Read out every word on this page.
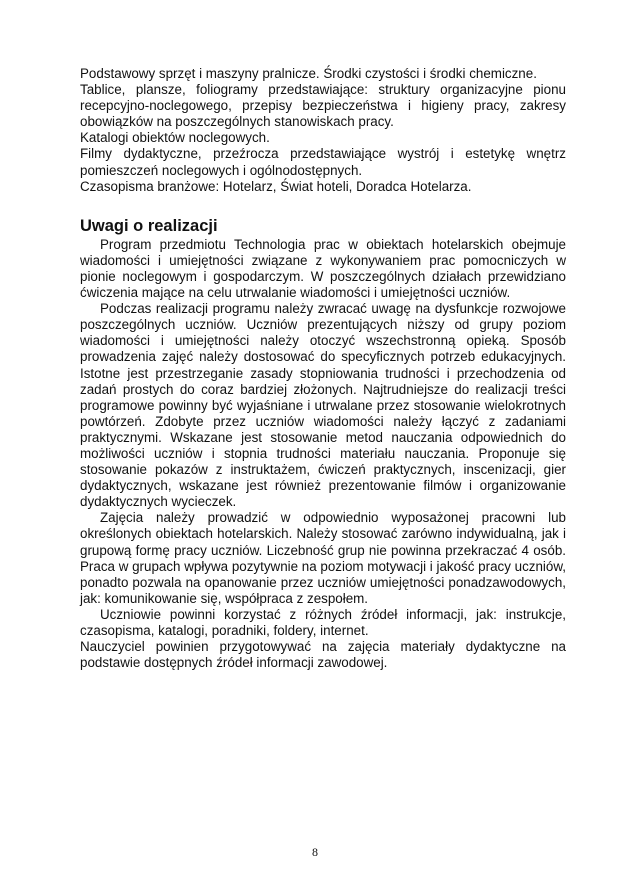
Podstawowy sprzęt i maszyny pralnicze. Środki czystości i środki chemiczne.

Tablice, plansze, foliogramy przedstawiające: struktury organizacyjne pionu recepcyjno-noclegowego, przepisy bezpieczeństwa i higieny pracy, zakresy obowiązków na poszczególnych stanowiskach pracy.

Katalogi obiektów noclegowych.

Filmy dydaktyczne, przeźrocza przedstawiające wystrój i estetykę wnętrz pomieszczeń noclegowych i ogólnodostępnych.

Czasopisma branżowe: Hotelarz, Świat hoteli, Doradca Hotelarza.

Uwagi o realizacji

Program przedmiotu Technologia prac w obiektach hotelarskich obejmuje wiadomości i umiejętności związane z wykonywaniem prac pomocniczych w pionie noclegowym i gospodarczym. W poszczególnych działach przewidziano ćwiczenia mające na celu utrwalanie wiadomości i umiejętności uczniów.

Podczas realizacji programu należy zwracać uwagę na dysfunkcje rozwojowe poszczególnych uczniów. Uczniów prezentujących niższy od grupy poziom wiadomości i umiejętności należy otoczyć wszechstronną opieką. Sposób prowadzenia zajęć należy dostosować do specyficznych potrzeb edukacyjnych. Istotne jest przestrzeganie zasady stopniowania trudności i przechodzenia od zadań prostych do coraz bardziej złożonych. Najtrudniejsze do realizacji treści programowe powinny być wyjaśniane i utrwalane przez stosowanie wielokrotnych powtórzeń. Zdobyte przez uczniów wiadomości należy łączyć z zadaniami praktycznymi. Wskazane jest stosowanie metod nauczania odpowiednich do możliwości uczniów i stopnia trudności materiału nauczania. Proponuje się stosowanie pokazów z instruktażem, ćwiczeń praktycznych, inscenizacji, gier dydaktycznych, wskazane jest również prezentowanie filmów i organizowanie dydaktycznych wycieczek.

Zajęcia należy prowadzić w odpowiednio wyposażonej pracowni lub określonych obiektach hotelarskich. Należy stosować zarówno indywidualną, jak i grupową formę pracy uczniów. Liczebność grup nie powinna przekraczać 4 osób. Praca w grupach wpływa pozytywnie na poziom motywacji i jakość pracy uczniów, ponadto pozwala na opanowanie przez uczniów umiejętności ponadzawodowych, jak: komunikowanie się, współpraca z zespołem.

Uczniowie powinni korzystać z różnych źródeł informacji, jak: instrukcje, czasopisma, katalogi, poradniki, foldery, internet.

Nauczyciel powinien przygotowywać na zajęcia materiały dydaktyczne na podstawie dostępnych źródeł informacji zawodowej.

8
